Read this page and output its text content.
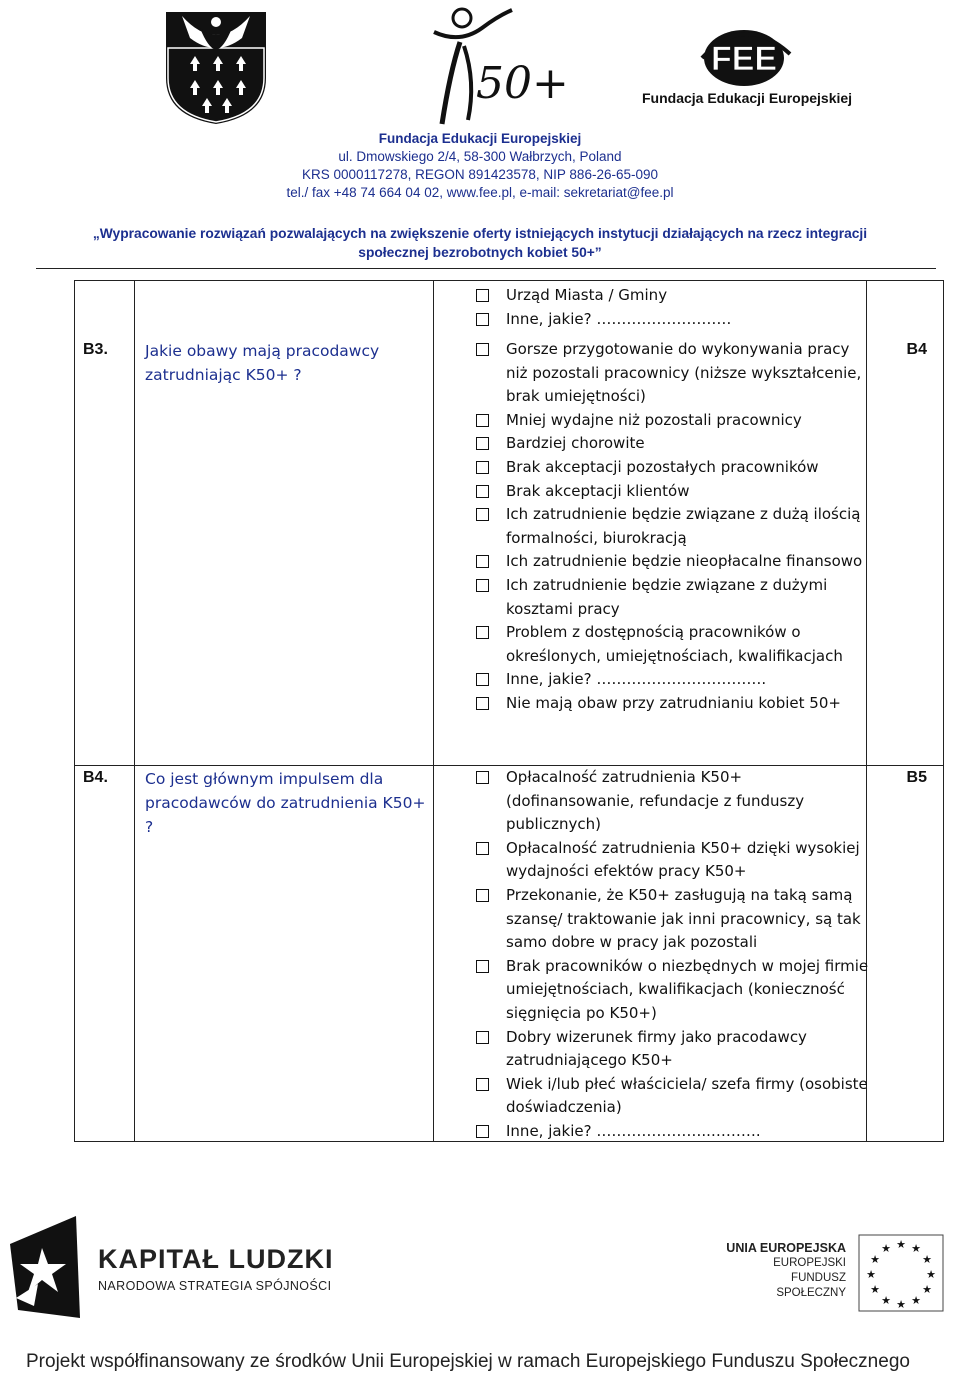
50+	FEE
Fundacja Edukacji Europejskiej
Fundacja Edukacji Europejskiej
ul. Dmowskiego 2/4, 58-300 Wałbrzych, Poland
KRS 0000117278, REGON 891423578, NIP 886-26-65-090
tel./ fax +48 74 664 04 02, www.fee.pl, e-mail: sekretariat@fee.pl
„Wypracowanie rozwiązań pozwalających na zwiększenie oferty istniejących instytucji działających na rzecz integracji
społecznej bezrobotnych kobiet 50+”
Urząd Miasta / Gminy
Inne, jakie? ………………………
B3. Jakie obawy mają pracodawcy zatrudniając K50+ ?
B4
Gorsze przygotowanie do wykonywania pracy niż pozostali pracownicy (niższe wykształcenie, brak umiejętności)
Mniej wydajne niż pozostali pracownicy
Bardziej chorowite
Brak akceptacji pozostałych pracowników
Brak akceptacji klientów
Ich zatrudnienie będzie związane z dużą ilością formalności, biurokracją
Ich zatrudnienie będzie nieopłacalne finansowo
Ich zatrudnienie będzie związane z dużymi kosztami pracy
Problem z dostępnością pracowników o określonych, umiejętnościach, kwalifikacjach
Inne, jakie? …………………………….
Nie mają obaw przy zatrudnianiu kobiet 50+
B4. Co jest głównym impulsem dla pracodawców do zatrudnienia K50+ ?
B5
Opłacalność zatrudnienia K50+ (dofinansowanie, refundacje z funduszy publicznych)
Opłacalność zatrudnienia K50+ dzięki wysokiej wydajności efektów pracy K50+
Przekonanie, że K50+ zasługują na taką samą szansę/ traktowanie jak inni pracownicy, są tak samo dobre w pracy jak pozostali
Brak pracowników o niezbędnych w mojej firmie umiejętnościach, kwalifikacjach (konieczność sięgnięcia po K50+)
Dobry wizerunek firmy jako pracodawcy zatrudniającego K50+
Wiek i/lub płeć właściciela/ szefa firmy (osobiste doświadczenia)
Inne, jakie? …………………..……….
KAPITAŁ LUDZKI
NARODOWA STRATEGIA SPÓJNOŚCI
UNIA EUROPEJSKA
EUROPEJSKI
FUNDUSZ SPOŁECZNY
★ ★
★
★
★
★
★
★
★
★
★
★
Projekt współfinansowany ze środków Unii Europejskiej w ramach Europejskiego Funduszu Społecznego
